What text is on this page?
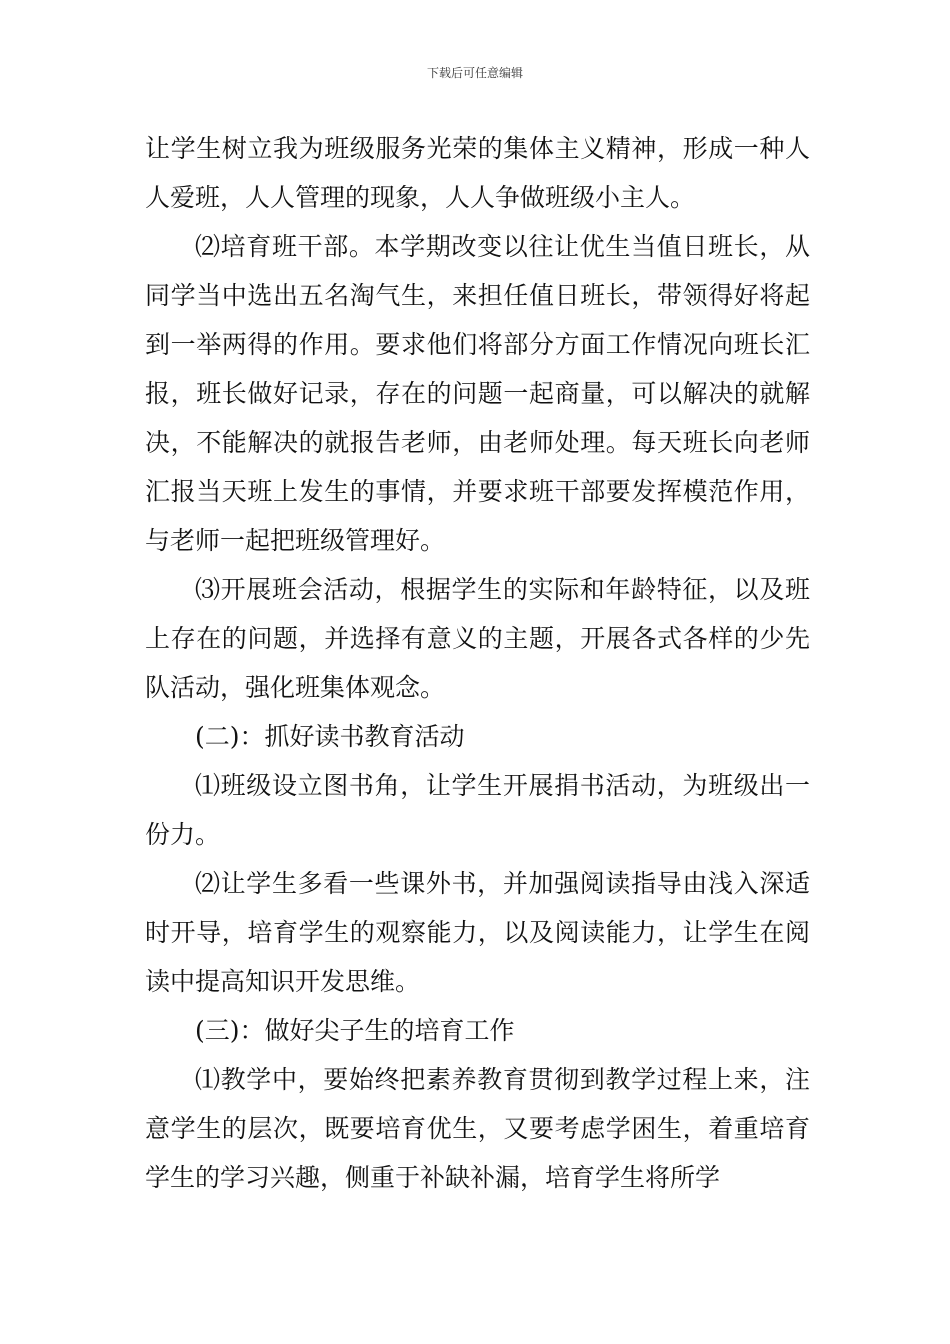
下载后可任意编辑

让学生树立我为班级服务光荣的集体主义精神，形成一种人人爱班，人人管理的现象，人人争做班级小主人。

⑵培育班干部。本学期改变以往让优生当值日班长，从同学当中选出五名淘气生，来担任值日班长，带领得好将起到一举两得的作用。要求他们将部分方面工作情况向班长汇报，班长做好记录，存在的问题一起商量，可以解决的就解决，不能解决的就报告老师，由老师处理。每天班长向老师汇报当天班上发生的事情，并要求班干部要发挥模范作用，与老师一起把班级管理好。

⑶开展班会活动，根据学生的实际和年龄特征，以及班上存在的问题，并选择有意义的主题，开展各式各样的少先队活动，强化班集体观念。

(二)：抓好读书教育活动

⑴班级设立图书角，让学生开展捐书活动，为班级出一份力。

⑵让学生多看一些课外书，并加强阅读指导由浅入深适时开导，培育学生的观察能力，以及阅读能力，让学生在阅读中提高知识开发思维。

(三)：做好尖子生的培育工作

⑴教学中，要始终把素养教育贯彻到教学过程上来，注意学生的层次，既要培育优生，又要考虑学困生，着重培育学生的学习兴趣，侧重于补缺补漏，培育学生将所学
